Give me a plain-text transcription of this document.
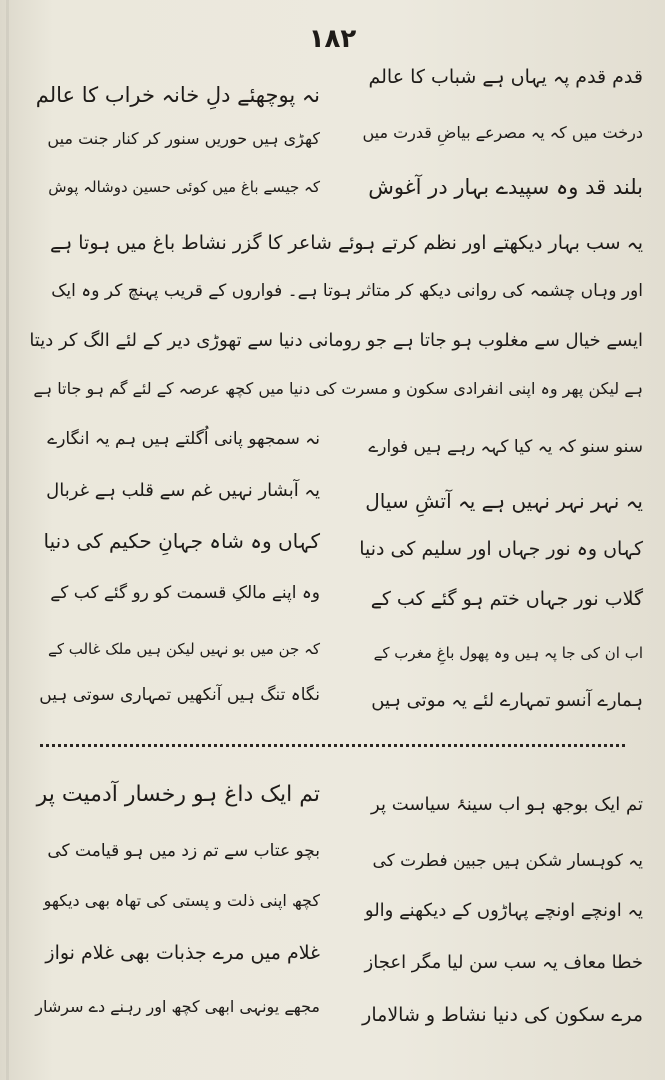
۱۸۲
قدم قدم پہ یہاں ہے شباب کا عالم
درخت میں کہ یہ مصرعے بیاضِ قدرت میں
بلند قد وہ سپیدے بہار در آغوش
نہ پوچھئے دلِ خانہ خراب کا عالم
کھڑی ہیں حوریں سنور کر کنار جنت میں
کہ جیسے باغ میں کوئی حسین دوشالہ پوش
یہ سب بہار دیکھتے اور نظم کرتے ہوئے شاعر کا گزر نشاط باغ میں ہوتا ہے
اور وہاں چشمہ کی روانی دیکھ کر متاثر ہوتا ہے۔ فواروں کے قریب پہنچ کر وہ ایک
ایسے خیال سے مغلوب ہو جاتا ہے جو رومانی دنیا سے تھوڑی دیر کے لئے الگ کر دیتا
ہے لیکن پھر وہ اپنی انفرادی سکون و مسرت کی دنیا میں کچھ عرصہ کے لئے گم ہو جاتا ہے
سنو سنو کہ یہ کیا کہہ رہے ہیں فوارے
یہ نہر نہر نہیں ہے یہ آتشِ سیال
کہاں وہ نور جہاں اور سلیم کی دنیا
گلاب نور جہاں ختم ہو گئے کب کے
اب ان کی جا پہ ہیں وہ پھول باغِ مغرب کے
ہمارے آنسو تمہارے لئے یہ موتی ہیں
نہ سمجھو پانی اُگلتے ہیں ہم یہ انگارے
یہ آبشار نہیں غم سے قلب ہے غربال
کہاں وہ شاہ جہانِ حکیم کی دنیا
وہ اپنے مالکِ قسمت کو رو گئے کب کے
کہ جن میں بو نہیں لیکن ہیں ملک غالب کے
نگاہ تنگ ہیں آنکھیں تمہاری سوتی ہیں
تم ایک بوجھ ہو اب سینۂ سیاست پر
یہ کوہسار شکن ہیں جبین فطرت کی
یہ اونچے اونچے پہاڑوں کے دیکھنے والو
خطا معاف یہ سب سن لیا مگر اعجاز
مرے سکون کی دنیا نشاط و شالامار
تم ایک داغ ہو رخسار آدمیت پر
بچو عتاب سے تم زد میں ہو قیامت کی
کچھ اپنی ذلت و پستی کی تھاہ بھی دیکھو
غلام میں مرے جذبات بھی غلام نواز
مجھے یونہی ابھی کچھ اور رہنے دے سرشار
